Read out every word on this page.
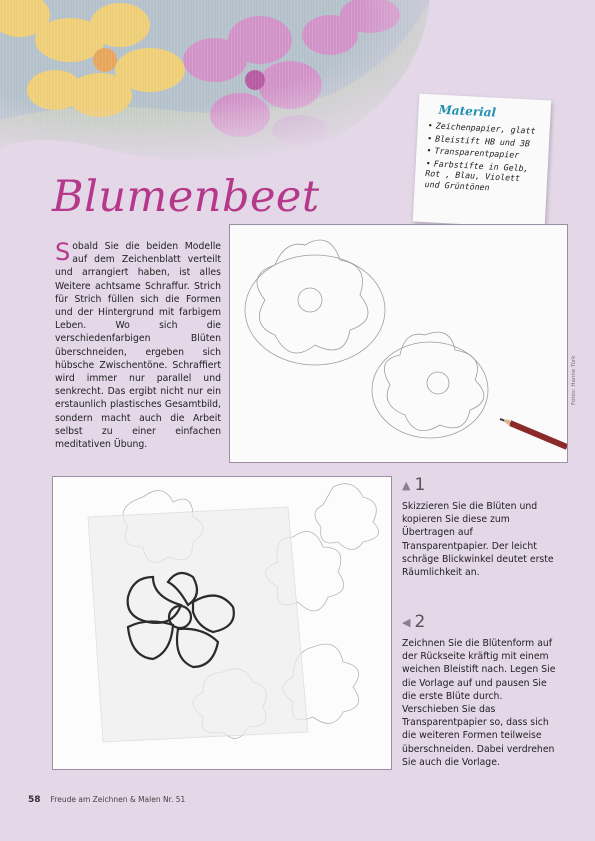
Blumenbeet
Material
• Zeichenpapier, glatt
• Bleistift HB und 3B
• Transparentpapier
• Farbstifte in Gelb, Rot , Blau, Violett und Grüntönen
Sobald Sie die beiden Modelle auf dem Zeichenblatt verteilt und arrangiert haben, ist alles Weitere achtsame Schraffur. Strich für Strich füllen sich die Formen und der Hintergrund mit farbigem Leben. Wo sich die verschiedenfarbigen Blüten überschneiden, ergeben sich hübsche Zwischentöne. Schraffiert wird immer nur parallel und senkrecht. Das ergibt nicht nur ein erstaunlich plastisches Gesamtbild, sondern macht auch die Arbeit selbst zu einer einfachen meditativen Übung.
Fotos: Hanne Türk
▲ 1
Skizzieren Sie die Blüten und kopieren Sie diese zum Übertragen auf Transparentpapier. Der leicht schräge Blickwinkel deutet erste Räumlichkeit an.
◀ 2
Zeichnen Sie die Blütenform auf der Rückseite kräftig mit einem weichen Bleistift nach. Legen Sie die Vorlage auf und pausen Sie die erste Blüte durch. Verschieben Sie das Transparentpapier so, dass sich die weiteren Formen teilweise überschneiden. Dabei verdrehen Sie auch die Vorlage.
58 Freude am Zeichnen & Malen Nr. 51
